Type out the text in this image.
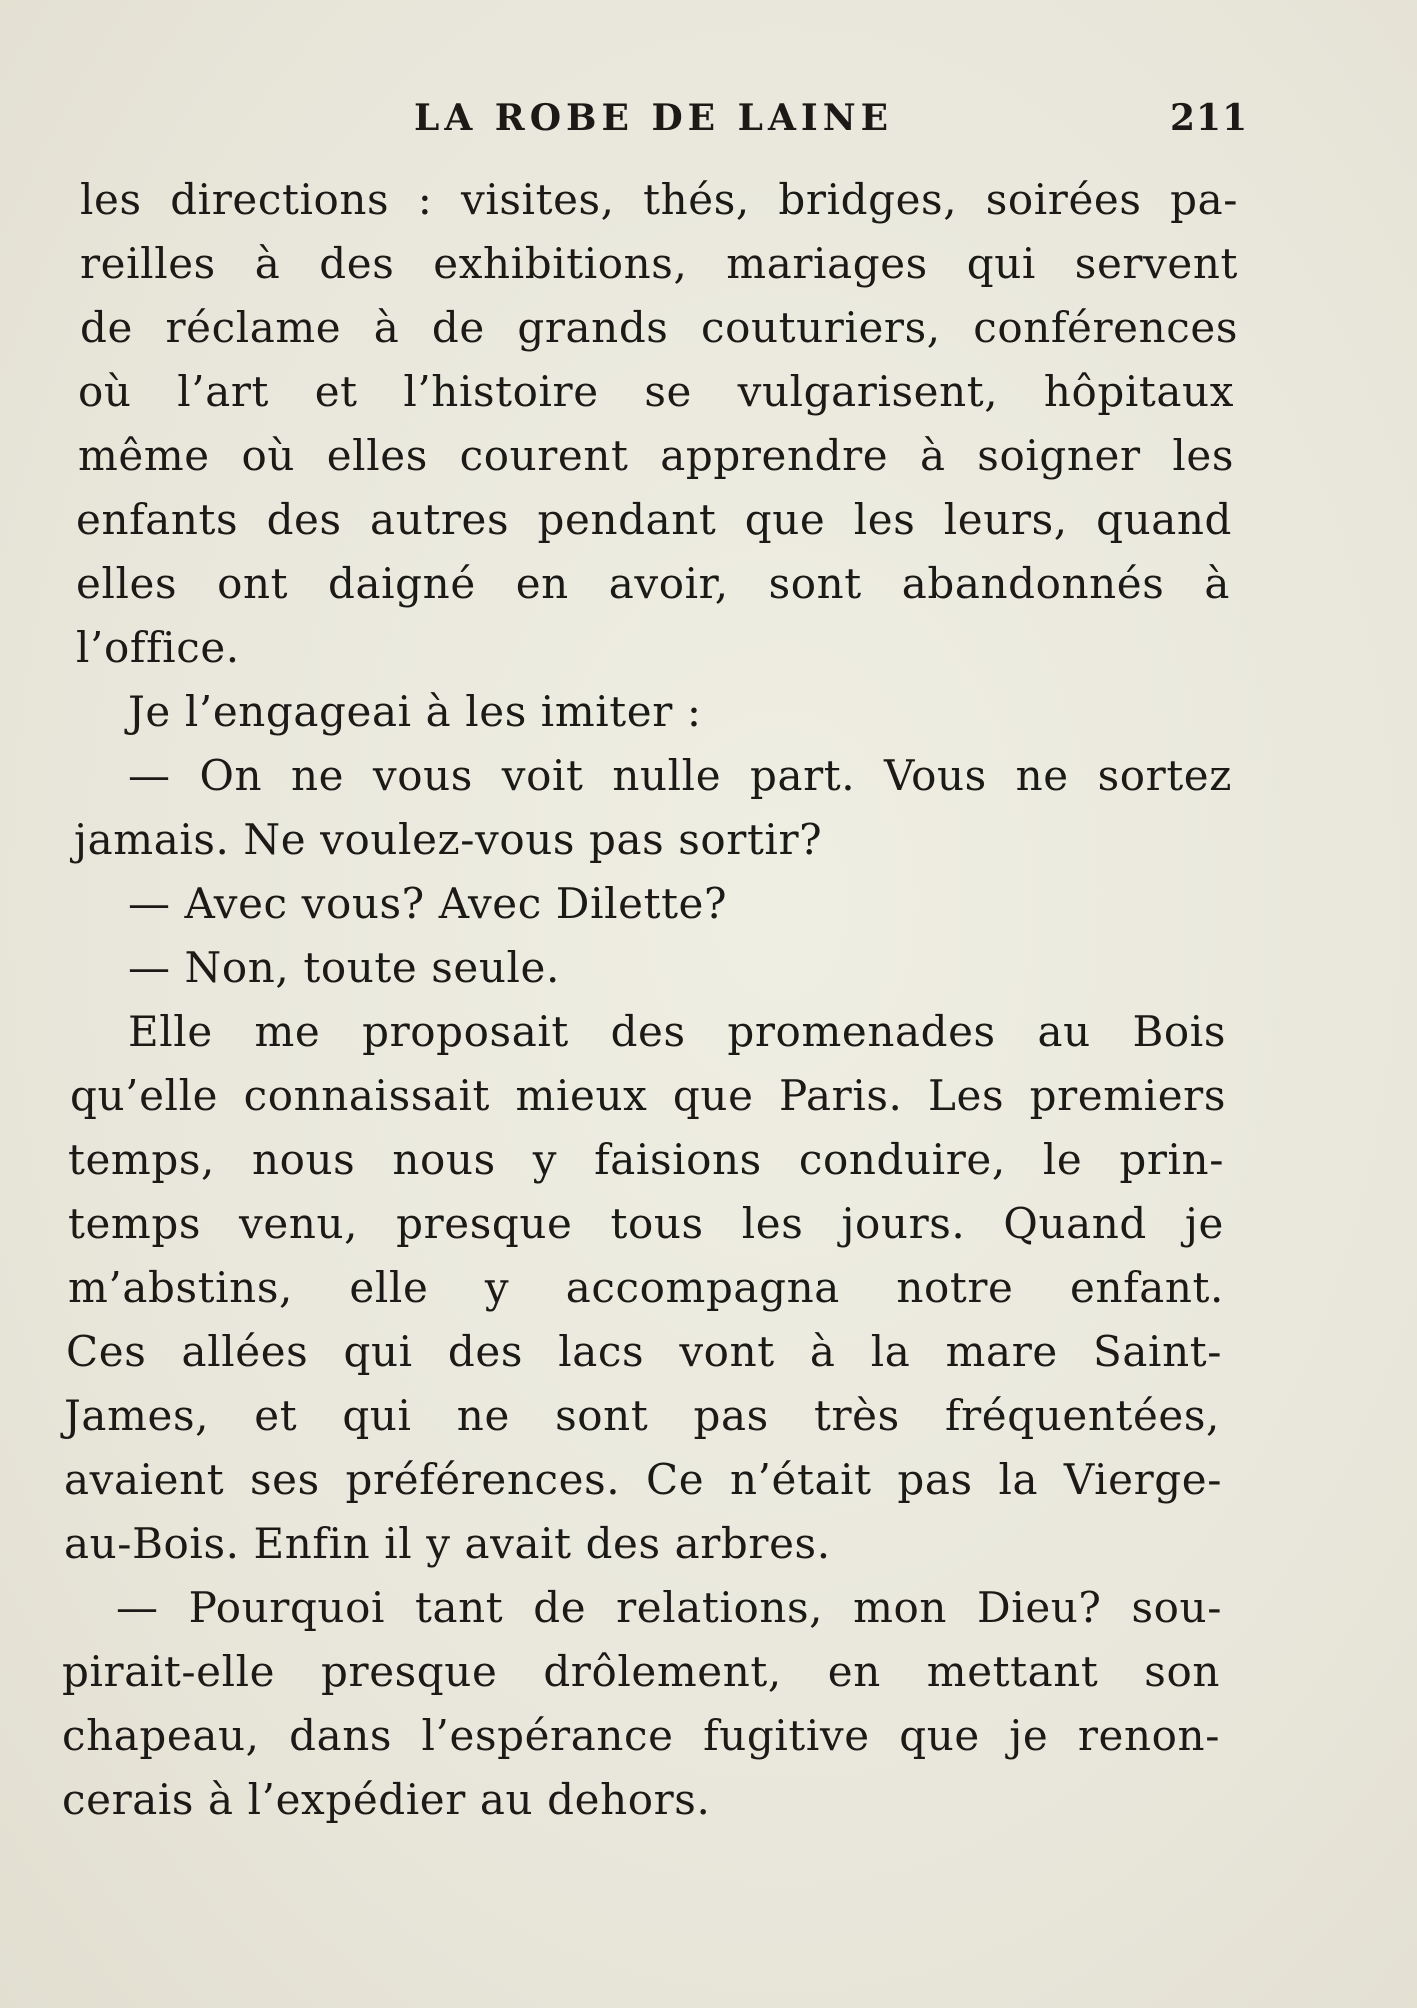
LA ROBE DE LAINE	211
les directions : visites, thés, bridges, soirées pa-
reilles à des exhibitions, mariages qui servent
de réclame à de grands couturiers, conférences
où l’art et l’histoire se vulgarisent, hôpitaux
même où elles courent apprendre à soigner les
enfants des autres pendant que les leurs, quand
elles ont daigné en avoir, sont abandonnés à
l’office.
Je l’engageai à les imiter :
— On ne vous voit nulle part. Vous ne sortez
jamais. Ne voulez-vous pas sortir?
— Avec vous? Avec Dilette?
— Non, toute seule.
Elle me proposait des promenades au Bois
qu’elle connaissait mieux que Paris. Les premiers
temps, nous nous y faisions conduire, le prin-
temps venu, presque tous les jours. Quand je
m’abstins, elle y accompagna notre enfant.
Ces allées qui des lacs vont à la mare Saint-
James, et qui ne sont pas très fréquentées,
avaient ses préférences. Ce n’était pas la Vierge-
au-Bois. Enfin il y avait des arbres.
— Pourquoi tant de relations, mon Dieu? sou-
pirait-elle presque drôlement, en mettant son
chapeau, dans l’espérance fugitive que je renon-
cerais à l’expédier au dehors.
